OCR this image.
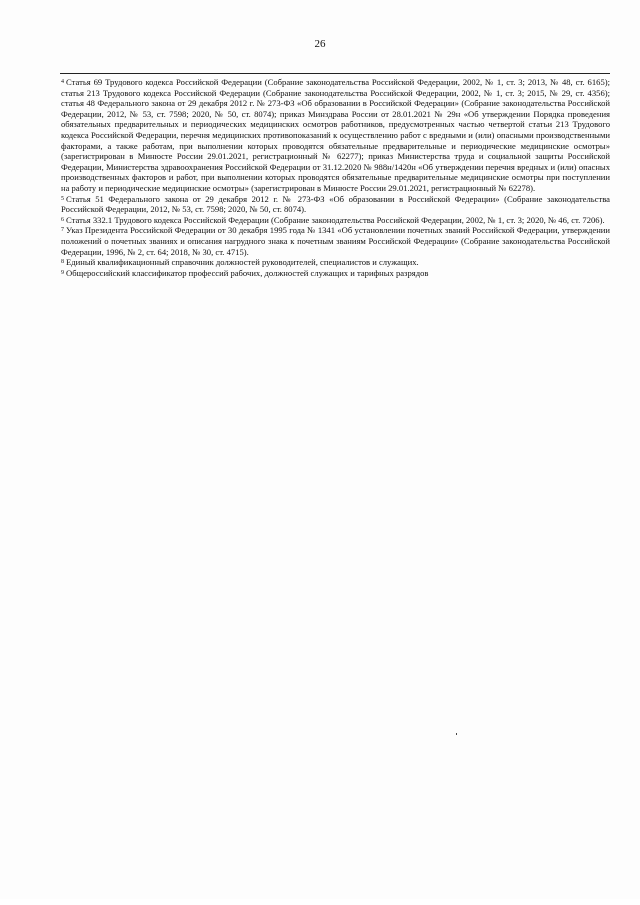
26

$^4$ Статья 69 Трудового кодекса Российской Федерации (Собрание законодательства Российской Федерации, 2002, № 1, ст. 3; 2013, № 48, ст. 6165); статья 213 Трудового кодекса Российской Федерации (Собрание законодательства Российской Федерации, 2002, № 1, ст. 3; 2015, № 29, ст. 4356); статья 48 Федерального закона от 29 декабря 2012 г. № 273-ФЗ «Об образовании в Российской Федерации» (Собрание законодательства Российской Федерации, 2012, № 53, ст. 7598; 2020, № 50, ст. 8074); приказ Минздрава России от 28.01.2021 № 29н «Об утверждении Порядка проведения обязательных предварительных и периодических медицинских осмотров работников, предусмотренных частью четвертой статьи 213 Трудового кодекса Российской Федерации, перечня медицинских противопоказаний к осуществлению работ с вредными и (или) опасными производственными факторами, а также работам, при выполнении которых проводятся обязательные предварительные и периодические медицинские осмотры» (зарегистрирован в Минюсте России 29.01.2021, регистрационный № 62277); приказ Министерства труда и социальной защиты Российской Федерации, Министерства здравоохранения Российской Федерации от 31.12.2020 № 988н/1420н «Об утверждении перечня вредных и (или) опасных производственных факторов и работ, при выполнении которых проводятся обязательные предварительные медицинские осмотры при поступлении на работу и периодические медицинские осмотры» (зарегистрирован в Минюсте России 29.01.2021, регистрационный № 62278).

$^5$ Статья 51 Федерального закона от 29 декабря 2012 г. № 273-ФЗ «Об образовании в Российской Федерации» (Собрание законодательства Российской Федерации, 2012, № 53, ст. 7598; 2020, № 50, ст. 8074).

$^6$ Статья 332.1 Трудового кодекса Российской Федерации (Собрание законодательства Российской Федерации, 2002, № 1, ст. 3; 2020, № 46, ст. 7206).

$^7$ Указ Президента Российской Федерации от 30 декабря 1995 года № 1341 «Об установлении почетных званий Российской Федерации, утверждении положений о почетных званиях и описания нагрудного знака к почетным званиям Российской Федерации» (Собрание законодательства Российской Федерации, 1996, № 2, ст. 64; 2018, № 30, ст. 4715).

$^8$ Единый квалификационный справочник должностей руководителей, специалистов и служащих.

$^9$ Общероссийский классификатор профессий рабочих, должностей служащих и тарифных разрядов
